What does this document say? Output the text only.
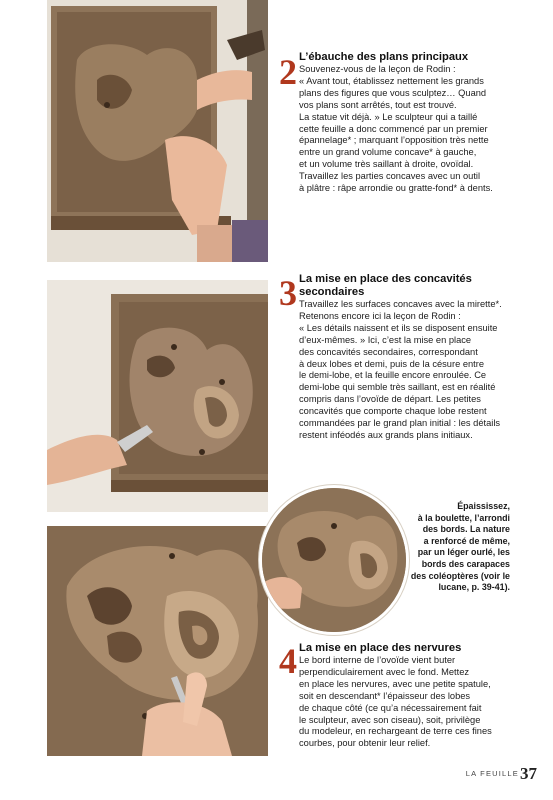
2 L’ébauche des plans principaux

Souvenez-vous de la leçon de Rodin :
« Avant tout, établissez nettement les grands
plans des figures que vous sculptez… Quand
vos plans sont arrêtés, tout est trouvé.
La statue vit déjà. » Le sculpteur qui a taillé
cette feuille a donc commencé par un premier
épannelage* ; marquant l’opposition très nette
entre un grand volume concave* à gauche,
et un volume très saillant à droite, ovoïdal.
Travaillez les parties concaves avec un outil
à plâtre : râpe arrondie ou gratte-fond* à dents.

3 La mise en place des concavités secondaires

Travaillez les surfaces concaves avec la mirette*.
Retenons encore ici la leçon de Rodin :
« Les détails naissent et ils se disposent ensuite
d’eux-mêmes. » Ici, c’est la mise en place
des concavités secondaires, correspondant
à deux lobes et demi, puis de la césure entre
le demi-lobe, et la feuille encore enroulée. Ce
demi-lobe qui semble très saillant, est en réalité
compris dans l’ovoïde de départ. Les petites
concavités que comporte chaque lobe restent
commandées par le grand plan initial : les détails
restent inféodés aux grands plans initiaux.

Épaississez,
à la boulette, l’arrondi
des bords. La nature
a renforcé de même,
par un léger ourlé, les
bords des carapaces
des coléoptères (voir le
lucane, p. 39-41).
4 La mise en place des nervures

Le bord interne de l’ovoïde vient buter
perpendiculairement avec le fond. Mettez
en place les nervures, avec une petite spatule,
soit en descendant* l’épaisseur des lobes
de chaque côté (ce qu’a nécessairement fait
le sculpteur, avec son ciseau), soit, privilège
du modeleur, en rechargeant de terre ces fines
courbes, pour obtenir leur relief.

LA FEUILLE 37
